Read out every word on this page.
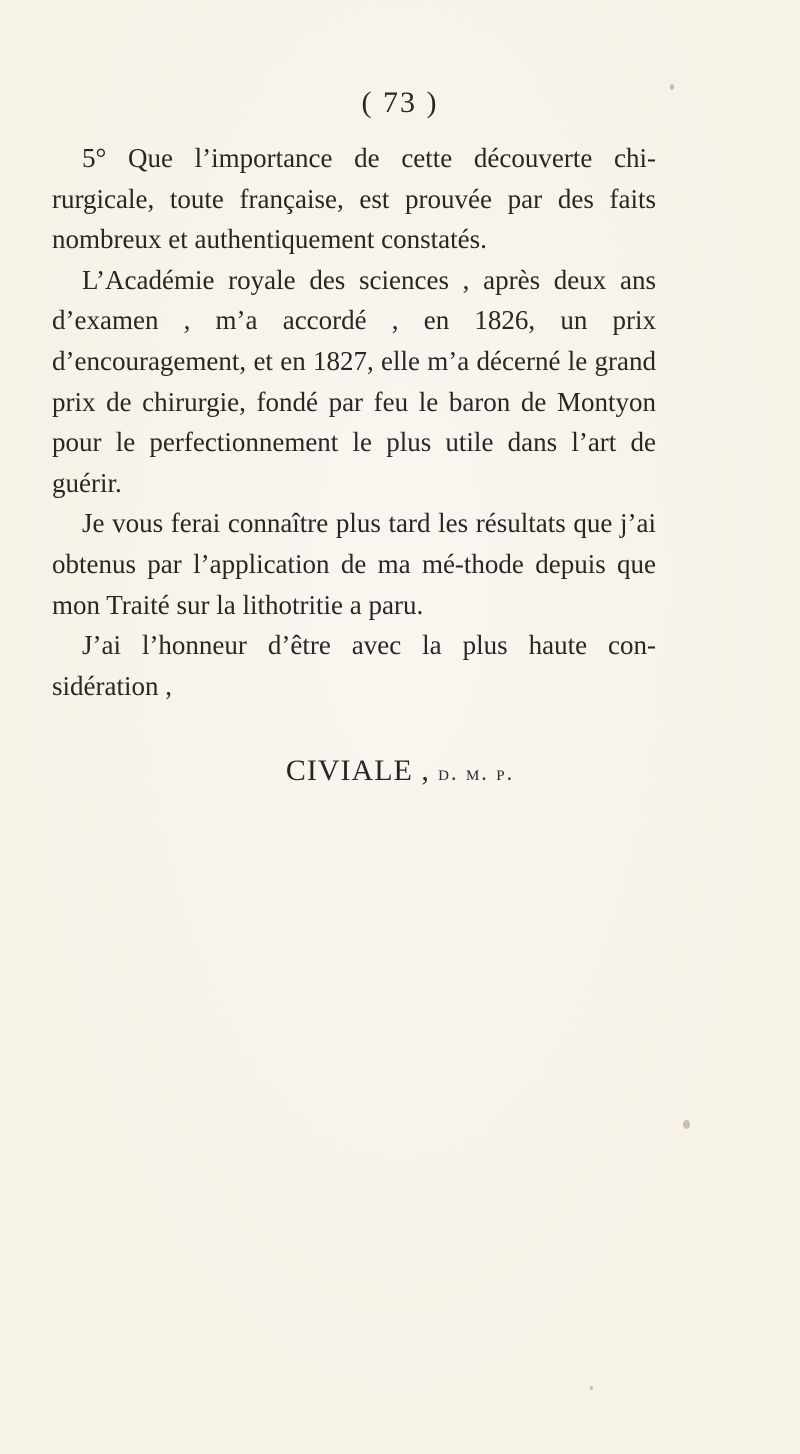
( 73 )

5° Que l’importance de cette découverte chi-rurgicale, toute française, est prouvée par des faits nombreux et authentiquement constatés.

L’Académie royale des sciences , après deux ans d’examen , m’a accordé , en 1826, un prix d’encouragement, et en 1827, elle m’a décerné le grand prix de chirurgie, fondé par feu le baron de Montyon pour le perfectionnement le plus utile dans l’art de guérir.

Je vous ferai connaître plus tard les résultats que j’ai obtenus par l’application de ma mé-thode depuis que mon Traité sur la lithotritie a paru.

J’ai l’honneur d’être avec la plus haute con-sidération ,

CIVIALE , d. m. p.
